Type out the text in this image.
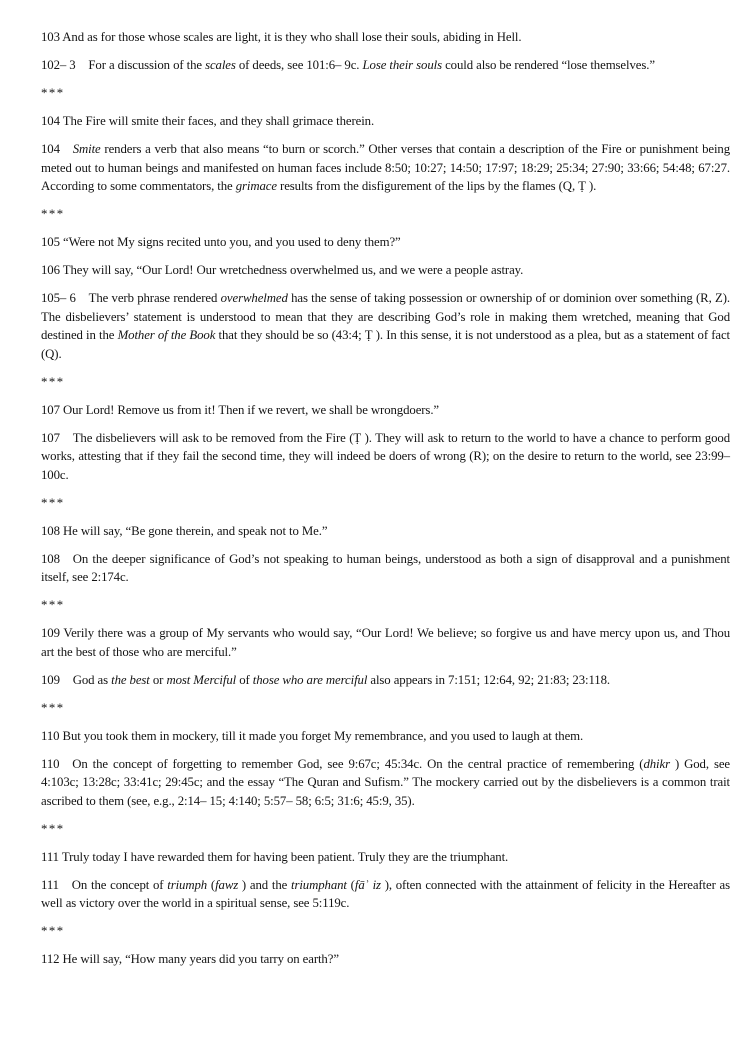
103 And as for those whose scales are light, it is they who shall lose their souls, abiding in Hell.

102– 3 For a discussion of the scales of deeds, see 101:6– 9c. Lose their souls could also be rendered “lose themselves.”

***

104 The Fire will smite their faces, and they shall grimace therein.

104 Smite renders a verb that also means “to burn or scorch.” Other verses that contain a description of the Fire or punishment being meted out to human beings and manifested on human faces include 8:50; 10:27; 14:50; 17:97; 18:29; 25:34; 27:90; 33:66; 54:48; 67:27. According to some commentators, the grimace results from the disfigurement of the lips by the flames (Q, Ṭ ).

***

105 “Were not My signs recited unto you, and you used to deny them?”

106 They will say, “Our Lord! Our wretchedness overwhelmed us, and we were a people astray.

105– 6 The verb phrase rendered overwhelmed has the sense of taking possession or ownership of or dominion over something (R, Z). The disbelievers’ statement is understood to mean that they are describing God’s role in making them wretched, meaning that God destined in the Mother of the Book that they should be so (43:4; Ṭ ). In this sense, it is not understood as a plea, but as a statement of fact (Q).

***

107 Our Lord! Remove us from it! Then if we revert, we shall be wrongdoers.”

107 The disbelievers will ask to be removed from the Fire (Ṭ ). They will ask to return to the world to have a chance to perform good works, attesting that if they fail the second time, they will indeed be doers of wrong (R); on the desire to return to the world, see 23:99– 100c.

***

108 He will say, “Be gone therein, and speak not to Me.”

108 On the deeper significance of God’s not speaking to human beings, understood as both a sign of disapproval and a punishment itself, see 2:174c.

***

109 Verily there was a group of My servants who would say, “Our Lord! We believe; so forgive us and have mercy upon us, and Thou art the best of those who are merciful.”

109 God as the best or most Merciful of those who are merciful also appears in 7:151; 12:64, 92; 21:83; 23:118.

***

110 But you took them in mockery, till it made you forget My remembrance, and you used to laugh at them.

110 On the concept of forgetting to remember God, see 9:67c; 45:34c. On the central practice of remembering (dhikr ) God, see 4:103c; 13:28c; 33:41c; 29:45c; and the essay “The Quran and Sufism.” The mockery carried out by the disbelievers is a common trait ascribed to them (see, e.g., 2:14– 15; 4:140; 5:57– 58; 6:5; 31:6; 45:9, 35).

***

111 Truly today I have rewarded them for having been patient. Truly they are the triumphant.

111 On the concept of triumph (fawz ) and the triumphant (fāʾ iz ), often connected with the attainment of felicity in the Hereafter as well as victory over the world in a spiritual sense, see 5:119c.

***

112 He will say, “How many years did you tarry on earth?”
